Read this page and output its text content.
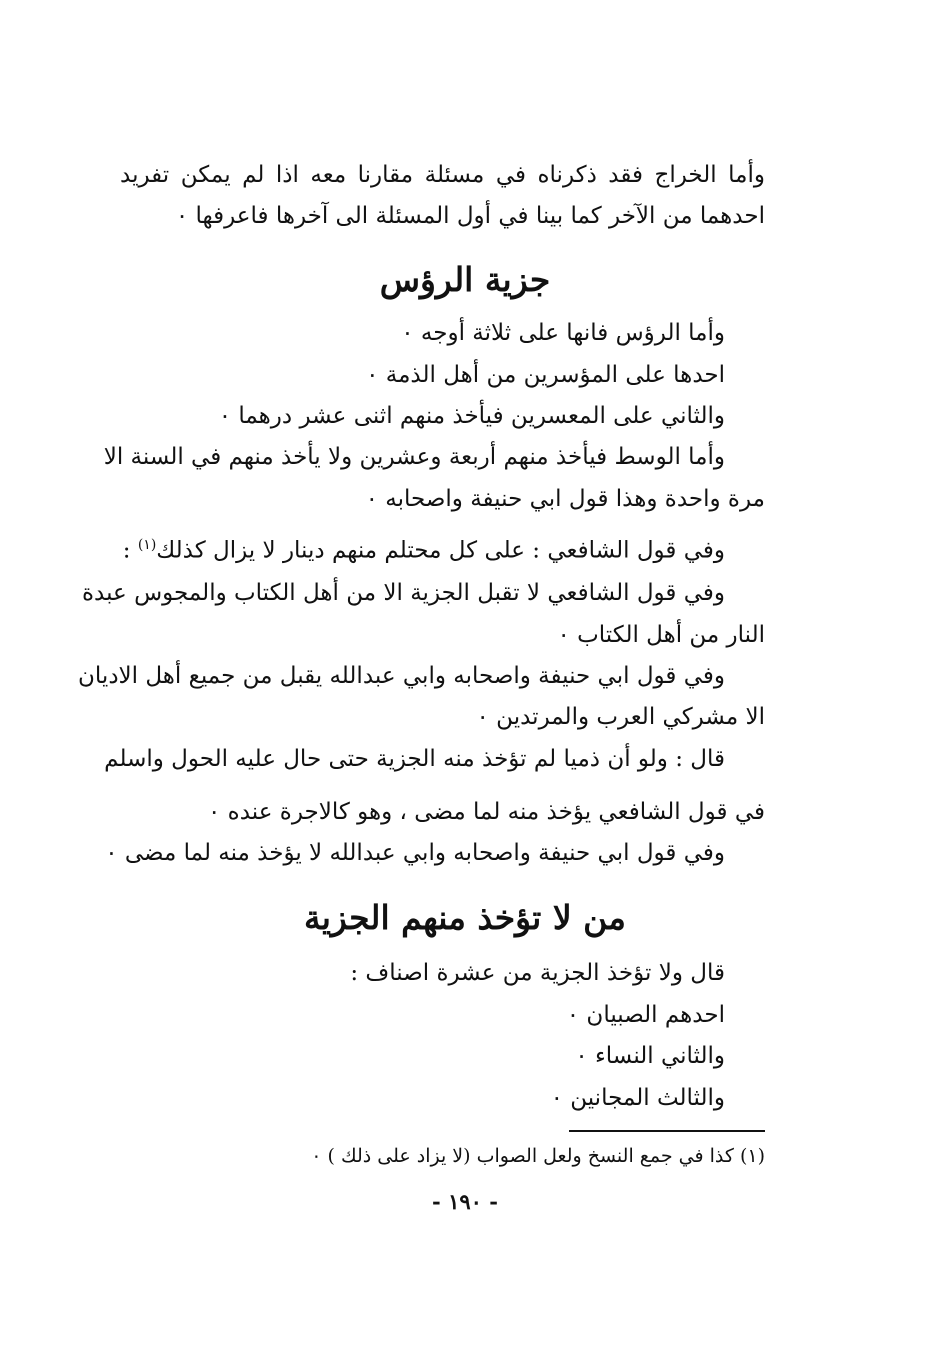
وأما الخراج فقد ذكرناه في مسئلة مقارنا معه اذا لم يمكن تفريد
احدهما من الآخر كما بينا في أول المسئلة الى آخرها فاعرفها ٠
جزية الرؤس
وأما الرؤس فانها على ثلاثة أوجه ٠
احدها على المؤسرين من أهل الذمة ٠
والثاني على المعسرين فيأخذ منهم اثنى عشر درهما ٠
وأما الوسط فيأخذ منهم أربعة وعشرين ولا يأخذ منهم في السنة الا
مرة واحدة وهذا قول ابي حنيفة واصحابه ٠
وفي قول الشافعي : على كل محتلم منهم دينار لا يزال كذلك$^{(١)}$ :
وفي قول الشافعي لا تقبل الجزية الا من أهل الكتاب والمجوس عبدة
النار من أهل الكتاب ٠
وفي قول ابي حنيفة واصحابه وابي عبدالله يقبل من جميع أهل الاديان
الا مشركي العرب والمرتدين ٠
قال : ولو أن ذميا لم تؤخذ منه الجزية حتى حال عليه الحول واسلم
في قول الشافعي يؤخذ منه لما مضى ، وهو كالاجرة عنده ٠
وفي قول ابي حنيفة واصحابه وابي عبدالله لا يؤخذ منه لما مضى ٠
من لا تؤخذ منهم الجزية
قال ولا تؤخذ الجزية من عشرة اصناف :
احدهم الصبيان ٠
والثاني النساء ٠
والثالث المجانين ٠
(١) كذا في جمع النسخ ولعل الصواب (لا يزاد على ذلك ) ٠
- ١٩٠ -
